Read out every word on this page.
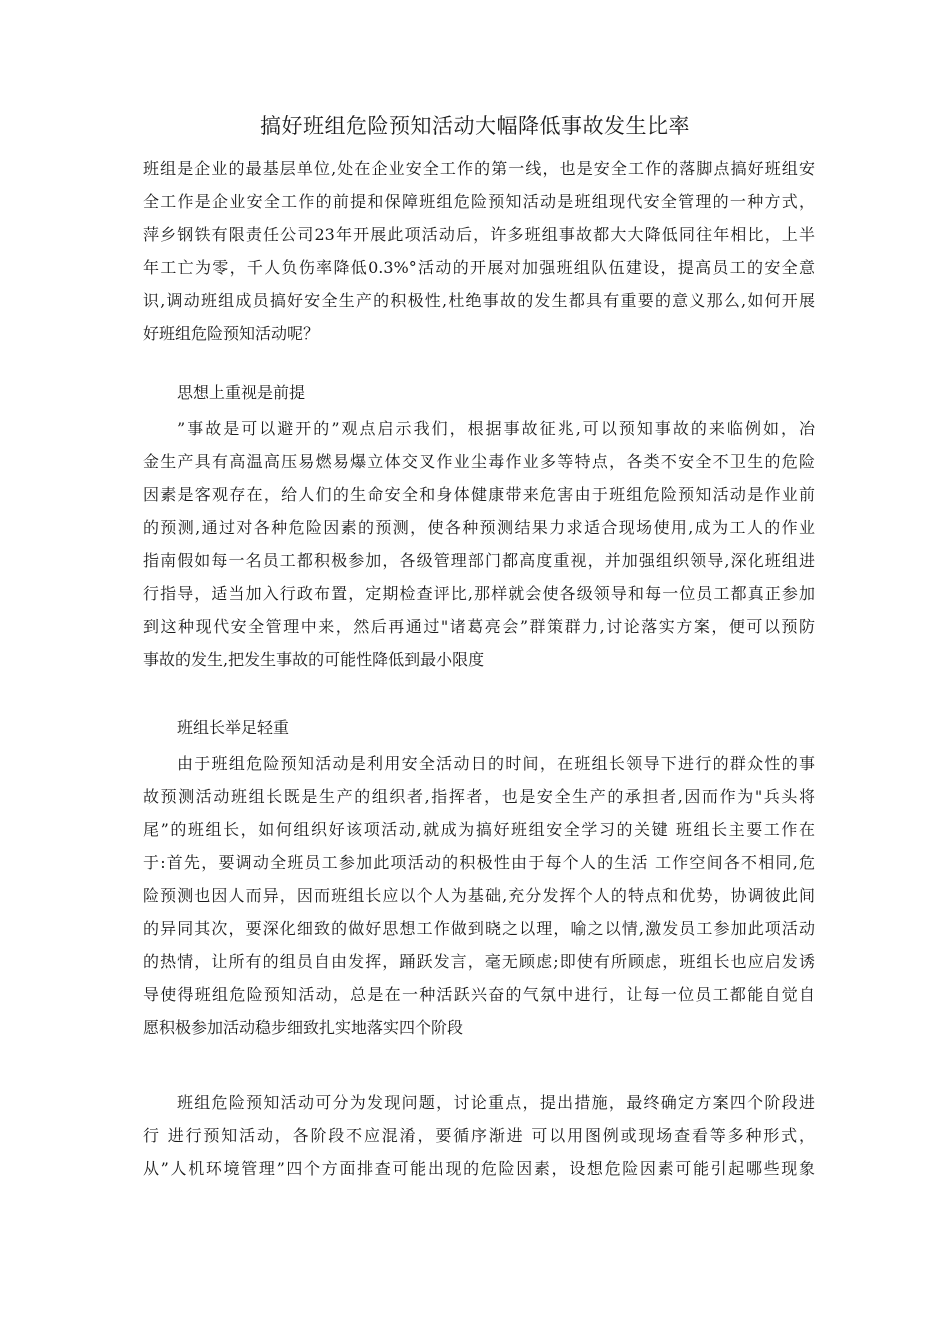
搞好班组危险预知活动大幅降低事故发生比率
班组是企业的最基层单位,处在企业安全工作的第一线，也是安全工作的落脚点搞好班组安
全工作是企业安全工作的前提和保障班组危险预知活动是班组现代安全管理的一种方式，
萍乡钢铁有限责任公司23年开展此项活动后，许多班组事故都大大降低同往年相比，上半
年工亡为零，千人负伤率降低0.3%°活动的开展对加强班组队伍建设，提高员工的安全意
识,调动班组成员搞好安全生产的积极性,杜绝事故的发生都具有重要的意义那么,如何开展
好班组危险预知活动呢？
思想上重视是前提
”事故是可以避开的”观点启示我们，根据事故征兆,可以预知事故的来临例如，冶
金生产具有高温高压易燃易爆立体交叉作业尘毒作业多等特点，各类不安全不卫生的危险
因素是客观存在，给人们的生命安全和身体健康带来危害由于班组危险预知活动是作业前
的预测,通过对各种危险因素的预测，使各种预测结果力求适合现场使用,成为工人的作业
指南假如每一名员工都积极参加，各级管理部门都高度重视，并加强组织领导,深化班组进
行指导，适当加入行政布置，定期检查评比,那样就会使各级领导和每一位员工都真正参加
到这种现代安全管理中来，然后再通过"诸葛亮会”群策群力,讨论落实方案，便可以预防
事故的发生,把发生事故的可能性降低到最小限度
班组长举足轻重
由于班组危险预知活动是利用安全活动日的时间，在班组长领导下进行的群众性的事
故预测活动班组长既是生产的组织者,指挥者，也是安全生产的承担者,因而作为"兵头将
尾”的班组长，如何组织好该项活动,就成为搞好班组安全学习的关键 班组长主要工作在
于:首先，要调动全班员工参加此项活动的积极性由于每个人的生活 工作空间各不相同,危
险预测也因人而异，因而班组长应以个人为基础,充分发挥个人的特点和优势，协调彼此间
的异同其次，要深化细致的做好思想工作做到晓之以理，喻之以情,激发员工参加此项活动
的热情，让所有的组员自由发挥，踊跃发言，毫无顾虑;即使有所顾虑，班组长也应启发诱
导使得班组危险预知活动，总是在一种活跃兴奋的气氛中进行，让每一位员工都能自觉自
愿积极参加活动稳步细致扎实地落实四个阶段
班组危险预知活动可分为发现问题，讨论重点，提出措施，最终确定方案四个阶段进
行 进行预知活动，各阶段不应混淆，要循序渐进 可以用图例或现场查看等多种形式，
从”人机环境管理”四个方面排查可能出现的危险因素，设想危险因素可能引起哪些现象
